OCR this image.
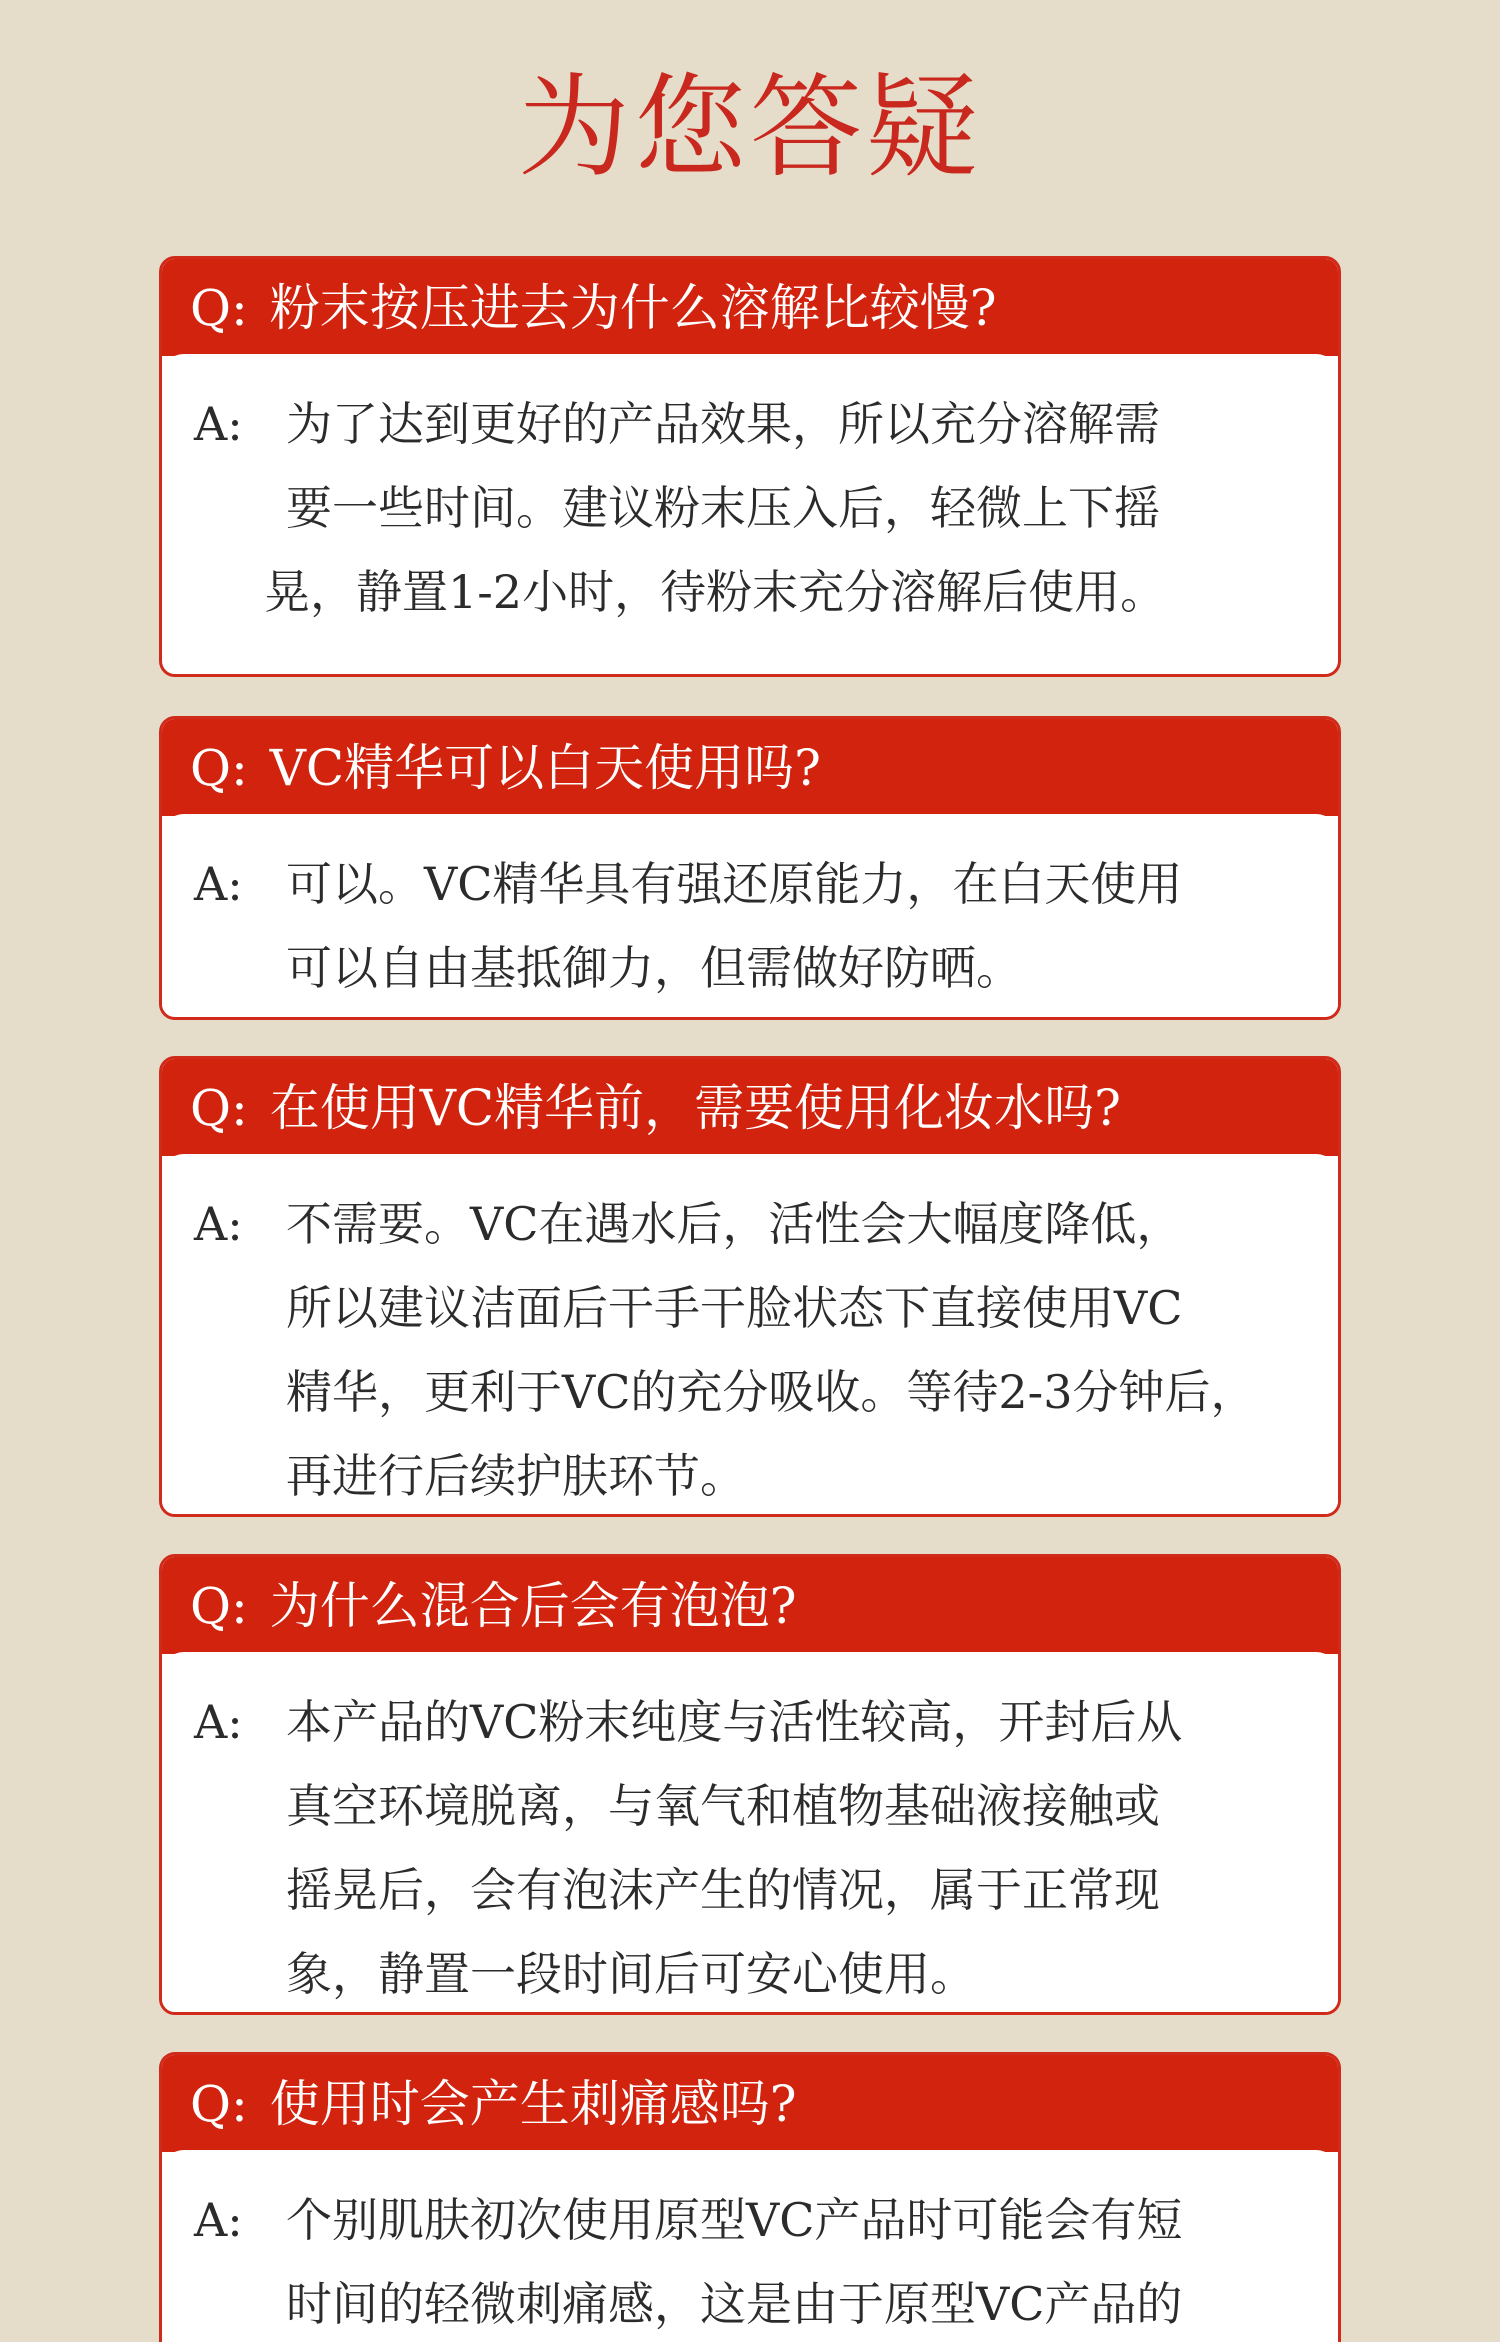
为您答疑
Q: 粉末按压进去为什么溶解比较慢?
A: 为了达到更好的产品效果，所以充分溶解需
要一些时间。建议粉末压入后，轻微上下摇
晃，静置1-2小时，待粉末充分溶解后使用。
Q: VC精华可以白天使用吗?
A: 可以。VC精华具有强还原能力，在白天使用
可以自由基抵御力，但需做好防晒。
Q: 在使用VC精华前，需要使用化妆水吗?
A: 不需要。VC在遇水后，活性会大幅度降低，
所以建议洁面后干手干脸状态下直接使用VC
精华，更利于VC的充分吸收。等待2-3分钟后，
再进行后续护肤环节。
Q: 为什么混合后会有泡泡?
A: 本产品的VC粉末纯度与活性较高，开封后从
真空环境脱离，与氧气和植物基础液接触或
摇晃后，会有泡沫产生的情况，属于正常现
象，静置一段时间后可安心使用。
Q: 使用时会产生刺痛感吗?
A: 个别肌肤初次使用原型VC产品时可能会有短
时间的轻微刺痛感，这是由于原型VC产品的
